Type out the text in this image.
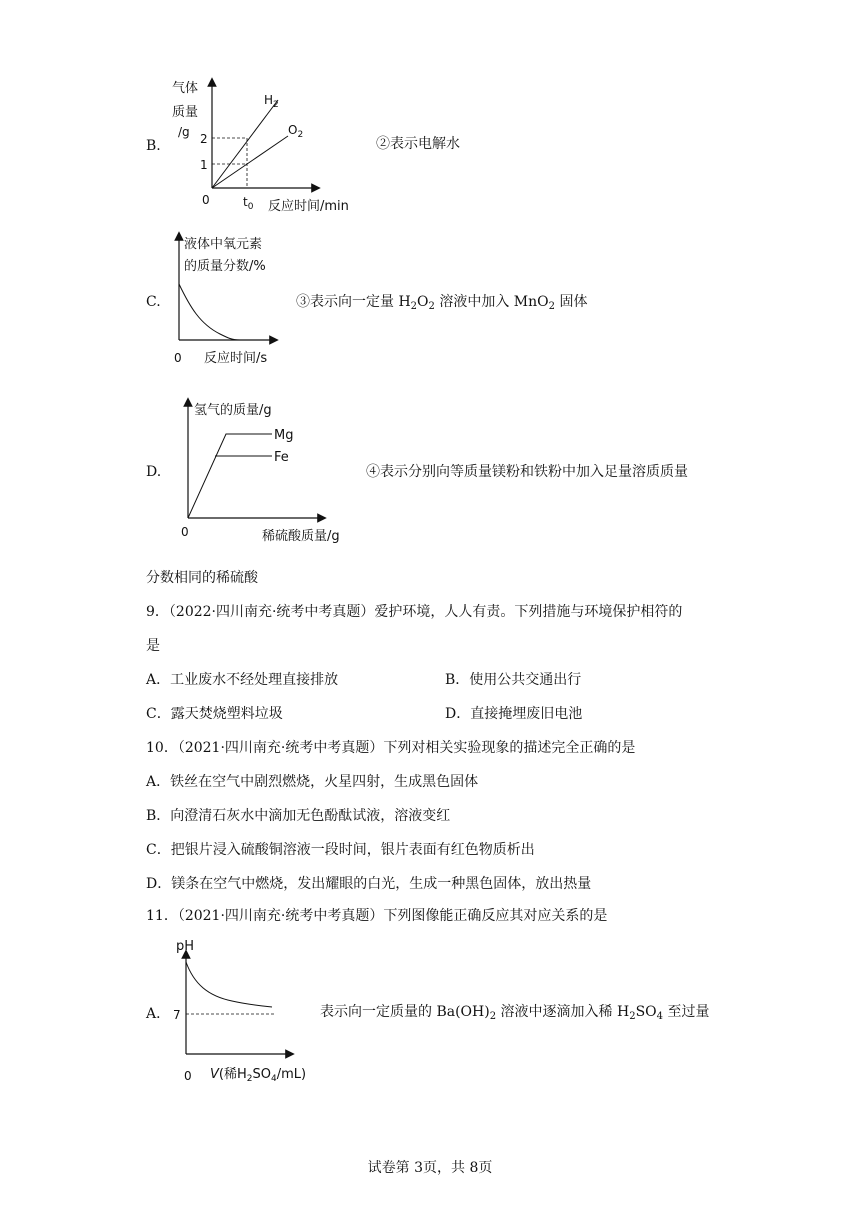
B.
气体
质量
/g 2
1
0	$t_0$ 反应时间/min
$H_2$
$O_2$
②表示电解水
C.
液体中氧元素
的质量分数/%
0 反应时间/s
③表示向一定量 $H_2O_2$ 溶液中加入 MnO$_2$ 固体
D.
氢气的质量/g
Mg
Fe
0	稀硫酸质量/g
④表示分别向等质量镁粉和铁粉中加入足量溶质质量
分数相同的稀硫酸
9．（2022·四川南充·统考中考真题）爱护环境，人人有责。下列措施与环境保护相符的
是
A．工业废水不经处理直接排放	B．使用公共交通出行
C．露天焚烧塑料垃圾	D．直接掩埋废旧电池
10．（2021·四川南充·统考中考真题）下列对相关实验现象的描述完全正确的是
A．铁丝在空气中剧烈燃烧，火星四射，生成黑色固体
B．向澄清石灰水中滴加无色酚酞试液，溶液变红
C．把银片浸入硫酸铜溶液一段时间，银片表面有红色物质析出
D．镁条在空气中燃烧，发出耀眼的白光，生成一种黑色固体，放出热量
11．（2021·四川南充·统考中考真题）下列图像能正确反应其对应关系的是
A．
pH
7
0 V(稀$H_2SO_4/mL$)
表示向一定质量的 $Ba(OH)_2$ 溶液中逐滴加入稀 $H_2SO_4$ 至过量
试卷第 3页，共 8页
